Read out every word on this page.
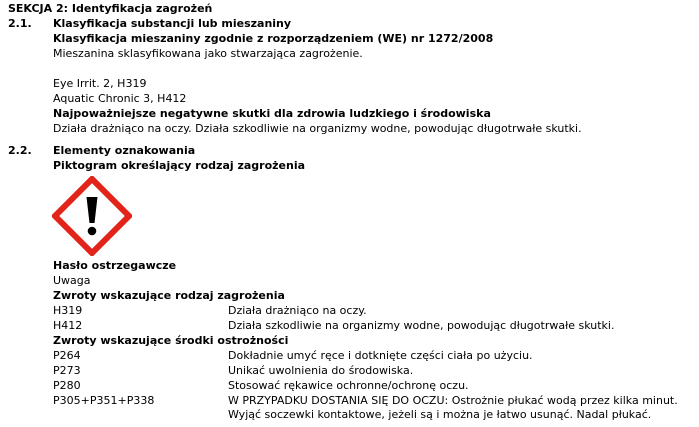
SEKCJA 2: Identyfikacja zagrożeń
2.1. Klasyfikacja substancji lub mieszaniny
Klasyfikacja mieszaniny zgodnie z rozporządzeniem (WE) nr 1272/2008
Mieszanina sklasyfikowana jako stwarzająca zagrożenie.
Eye Irrit. 2, H319
Aquatic Chronic 3, H412
Najpoważniejsze negatywne skutki dla zdrowia ludzkiego i środowiska
Działa drażniąco na oczy. Działa szkodliwie na organizmy wodne, powodując długotrwałe skutki.
2.2. Elementy oznakowania
Piktogram określający rodzaj zagrożenia
Hasło ostrzegawcze
Uwaga
Zwroty wskazujące rodzaj zagrożenia
H319	Działa drażniąco na oczy.
H412	Działa szkodliwie na organizmy wodne, powodując długotrwałe skutki.
Zwroty wskazujące środki ostrożności
P264	Dokładnie umyć ręce i dotknięte części ciała po użyciu.
P273	Unikać uwolnienia do środowiska.
P280	Stosować rękawice ochronne/ochronę oczu.
P305+P351+P338	W PRZYPADKU DOSTANIA SIĘ DO OCZU: Ostrożnie płukać wodą przez kilka minut.
Wyjąć soczewki kontaktowe, jeżeli są i można je łatwo usunąć. Nadal płukać.
